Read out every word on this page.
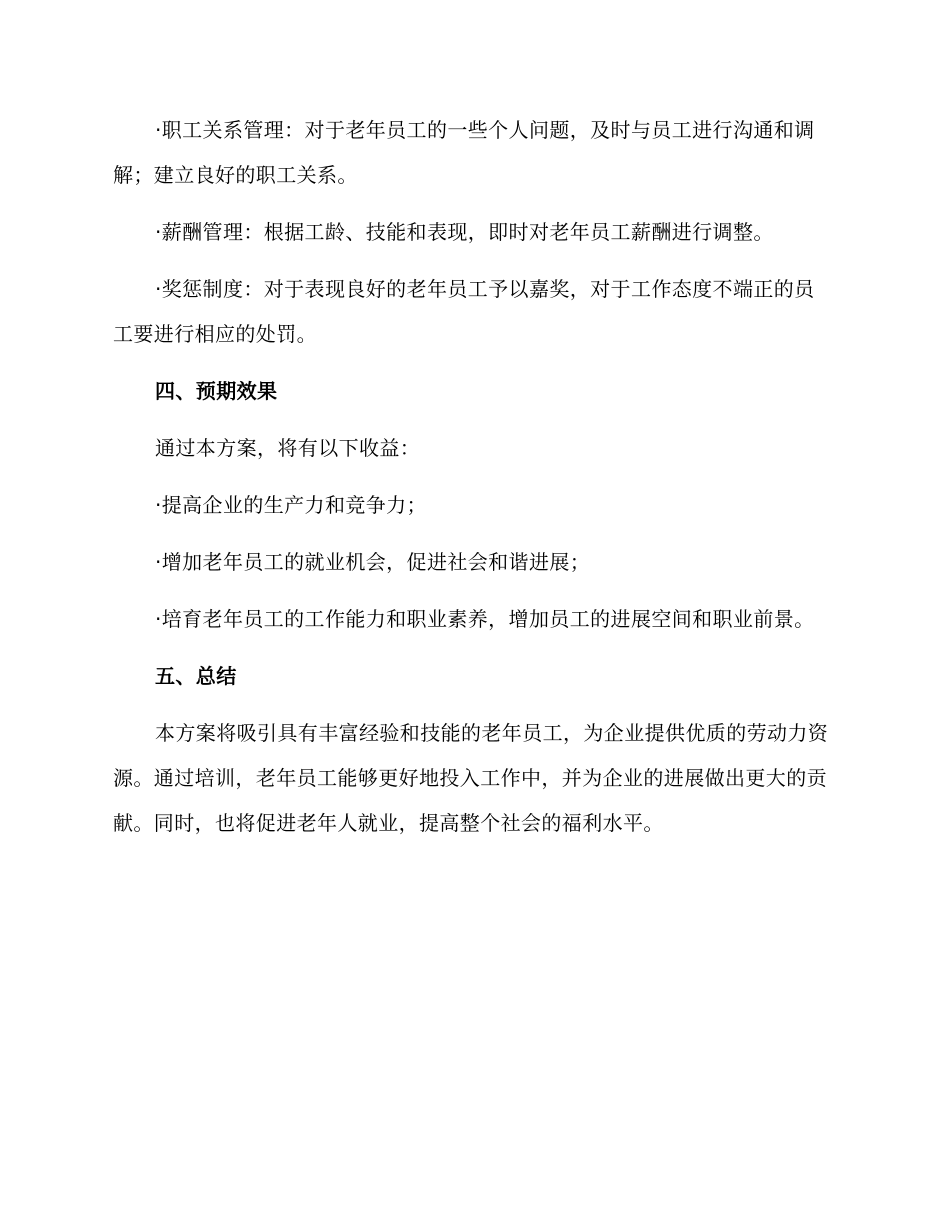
·职工关系管理：对于老年员工的一些个人问题，及时与员工进行沟通和调解；建立良好的职工关系。

·薪酬管理：根据工龄、技能和表现，即时对老年员工薪酬进行调整。

·奖惩制度：对于表现良好的老年员工予以嘉奖，对于工作态度不端正的员工要进行相应的处罚。

四、预期效果

通过本方案，将有以下收益：

·提高企业的生产力和竞争力；

·增加老年员工的就业机会，促进社会和谐进展；

·培育老年员工的工作能力和职业素养，增加员工的进展空间和职业前景。

五、总结

本方案将吸引具有丰富经验和技能的老年员工，为企业提供优质的劳动力资源。通过培训，老年员工能够更好地投入工作中，并为企业的进展做出更大的贡献。同时，也将促进老年人就业，提高整个社会的福利水平。
